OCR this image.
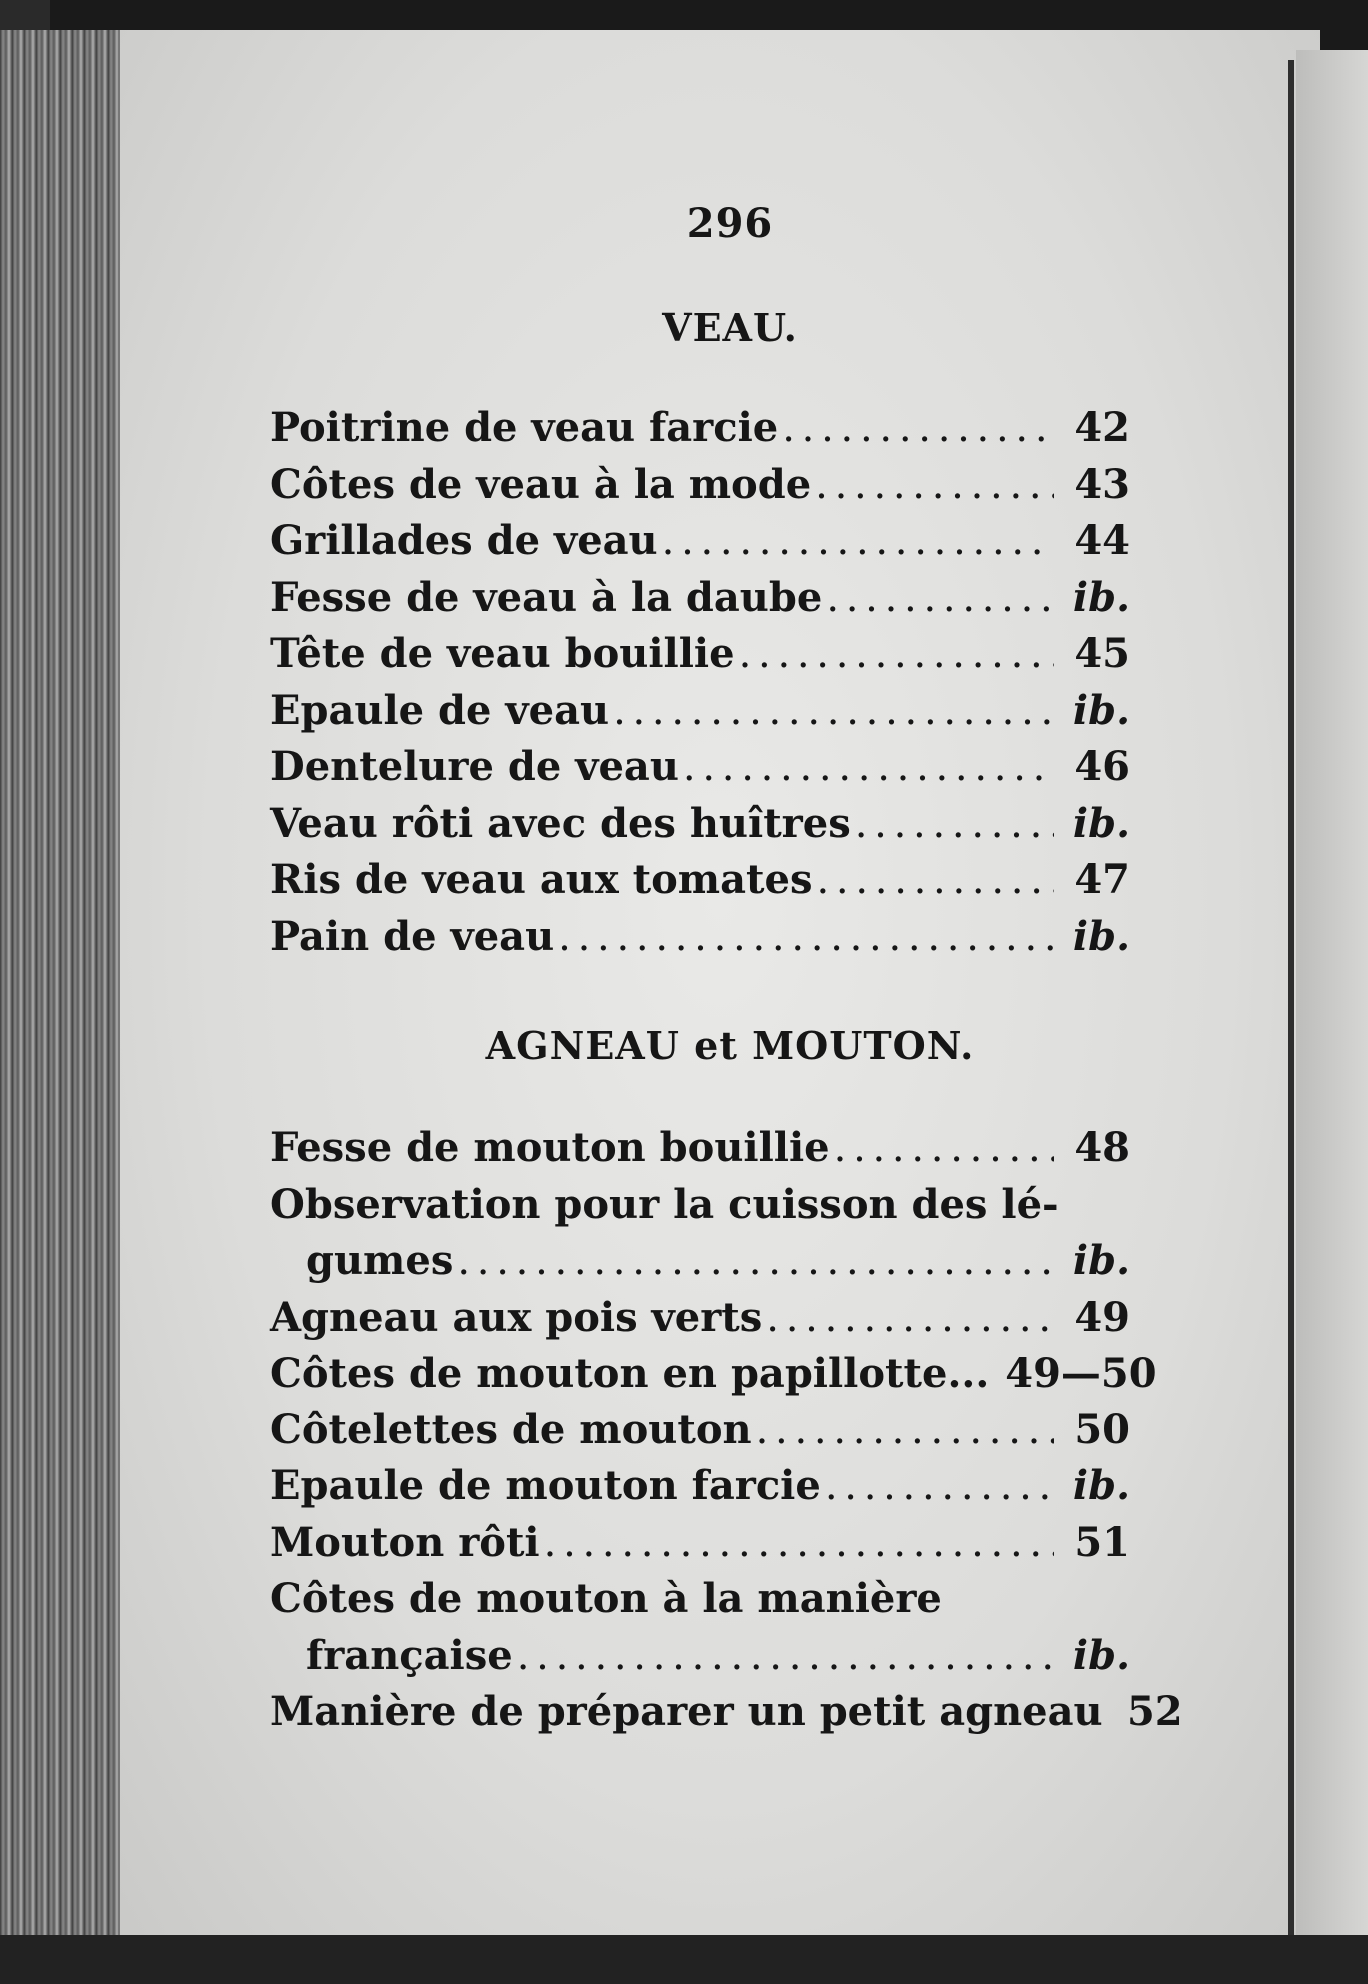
296
VEAU.
Poitrine de veau farcie . . .	42
Côtes de veau à la mode . . .	43
Grillades de veau . . .	44
Fesse de veau à la daube . . .	ib.
Tête de veau bouillie . . .	45
Epaule de veau . . .	ib.
Dentelure de veau . . .	46
Veau rôti avec des huîtres . . .	ib.
Ris de veau aux tomates . . .	47
Pain de veau . . .	ib.
AGNEAU et MOUTON.
Fesse de mouton bouillie . . .	48
Observation pour la cuisson des lé-
gumes . . .	ib.
Agneau aux pois verts . . .	49
Côtes de mouton en papillotte... 49—50
Côtelettes de mouton . . .	50
Epaule de mouton farcie . . .	ib.
Mouton rôti . . .	51
Côtes de mouton à la manière
française . . .	ib.
Manière de préparer un petit agneau 52
